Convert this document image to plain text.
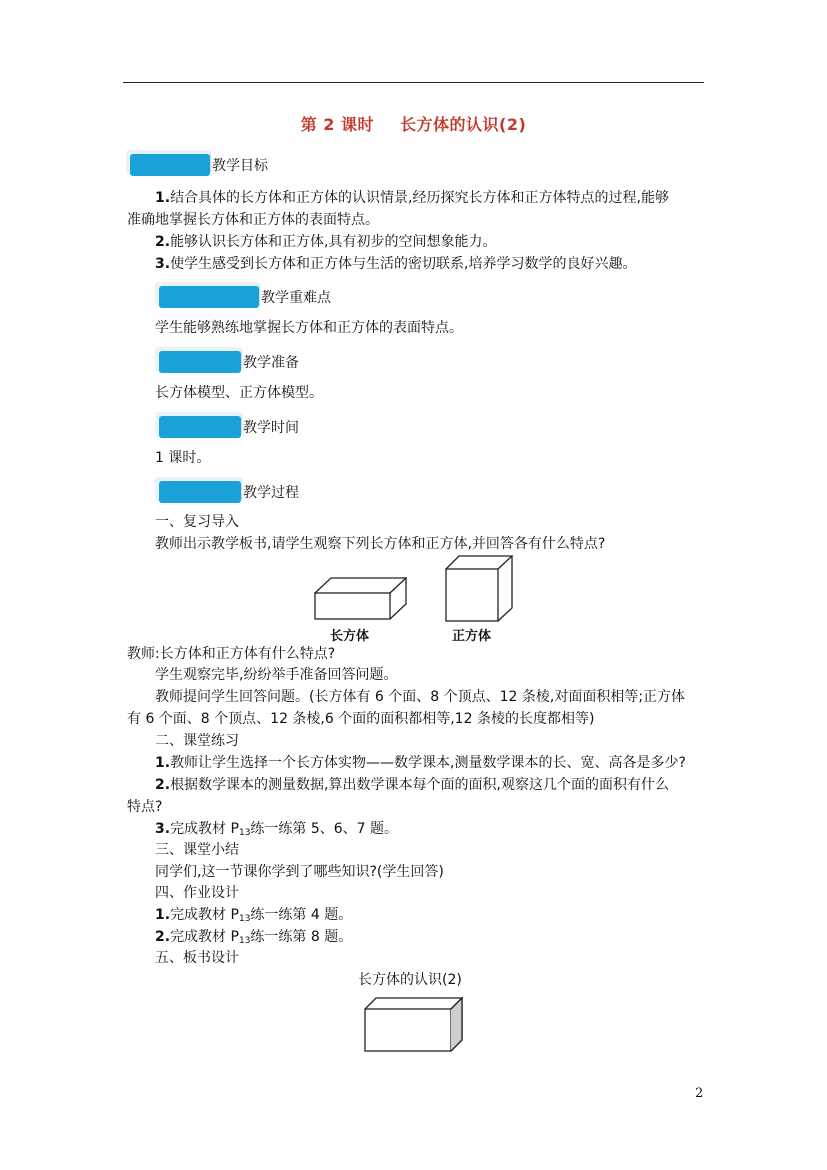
第 2 课时 长方体的认识(2)
教学目标
1.结合具体的长方体和正方体的认识情景,经历探究长方体和正方体特点的过程,能够
准确地掌握长方体和正方体的表面特点。
2.能够认识长方体和正方体,具有初步的空间想象能力。
3.使学生感受到长方体和正方体与生活的密切联系,培养学习数学的良好兴趣。
教学重难点
学生能够熟练地掌握长方体和正方体的表面特点。
教学准备
长方体模型、正方体模型。
教学时间
1 课时。
教学过程
一、复习导入
教师出示教学板书,请学生观察下列长方体和正方体,并回答各有什么特点?
长方体	正方体
教师:长方体和正方体有什么特点?
学生观察完毕,纷纷举手准备回答问题。
教师提问学生回答问题。(长方体有 6 个面、8 个顶点、12 条棱,对面面积相等;正方体
有 6 个面、8 个顶点、12 条棱,6 个面的面积都相等,12 条棱的长度都相等)
二、课堂练习
1.教师让学生选择一个长方体实物——数学课本,测量数学课本的长、宽、高各是多少?
2.根据数学课本的测量数据,算出数学课本每个面的面积,观察这几个面的面积有什么
特点?
3.完成教材 $P_{13}$练一练第 5、6、7 题。
三、课堂小结
同学们,这一节课你学到了哪些知识?(学生回答)
四、作业设计
1.完成教材 $P_{13}$练一练第 4 题。
2.完成教材 $P_{13}$练一练第 8 题。
五、板书设计
长方体的认识(2)
2
